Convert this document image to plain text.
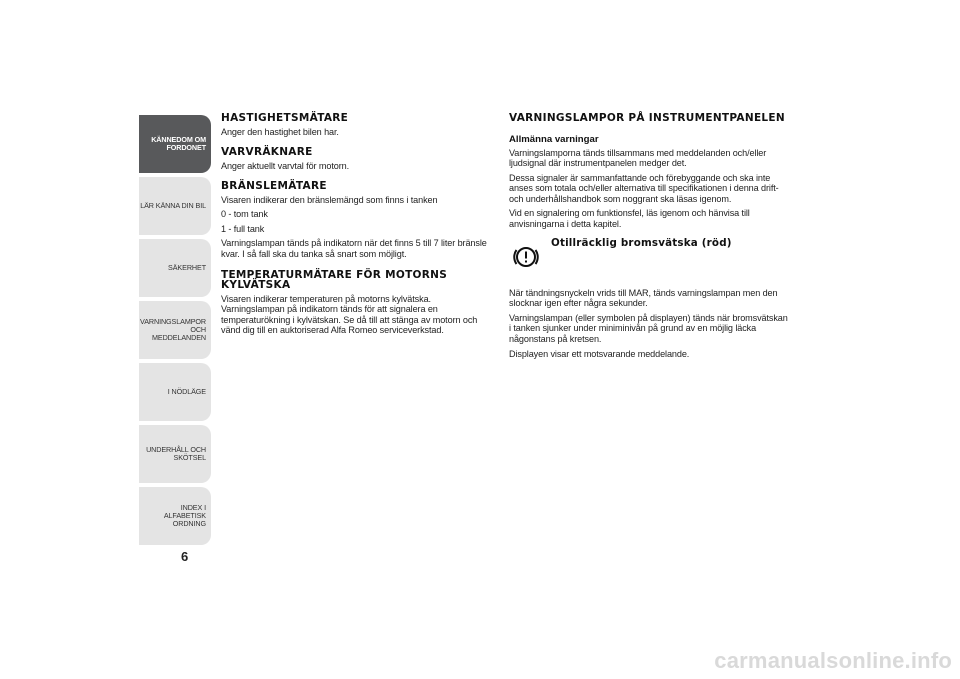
KÄNNEDOM OM
FORDONET
LÄR KÄNNA DIN BIL
SÄKERHET
VARNINGSLAMPOR
OCH MEDDELANDEN
I NÖDLÄGE
UNDERHÅLL OCH
SKÖTSEL
INDEX I ALFABETISK
ORDNING
6
HASTIGHETSMÄTARE

Anger den hastighet bilen har.

VARVRÄKNARE

Anger aktuellt varvtal för motorn.

BRÄNSLEMÄTARE

Visaren indikerar den bränslemängd som finns i tanken

0 - tom tank

1 - full tank

Varningslampan tänds på indikatorn när det finns 5 till 7 liter bränsle kvar. I så fall ska du tanka så snart som möjligt.

TEMPERATURMÄTARE FÖR MOTORNS KYLVÄTSKA

Visaren indikerar temperaturen på motorns kylvätska. Varningslampan på indikatorn tänds för att signalera en temperaturökning i kylvätskan. Se då till att stänga av motorn och vänd dig till en auktoriserad Alfa Romeo serviceverkstad.

VARNINGSLAMPOR PÅ INSTRUMENTPANELEN
Allmänna varningar

Varningslamporna tänds tillsammans med meddelanden och/eller ljudsignal där instrumentpanelen medger det.

Dessa signaler är sammanfattande och förebyggande och ska inte anses som totala och/eller alternativa till specifikationen i denna drift- och underhållshandbok som noggrant ska läsas igenom.

Vid en signalering om funktionsfel, läs igenom och hänvisa till anvisningarna i detta kapitel.

Otillräcklig bromsvätska (röd)

När tändningsnyckeln vrids till MAR, tänds varningslampan men den slocknar igen efter några sekunder.

Varningslampan (eller symbolen på displayen) tänds när bromsvätskan i tanken sjunker under miniminivån på grund av en möjlig läcka någonstans på kretsen.

Displayen visar ett motsvarande meddelande.

carmanualsonline.info
